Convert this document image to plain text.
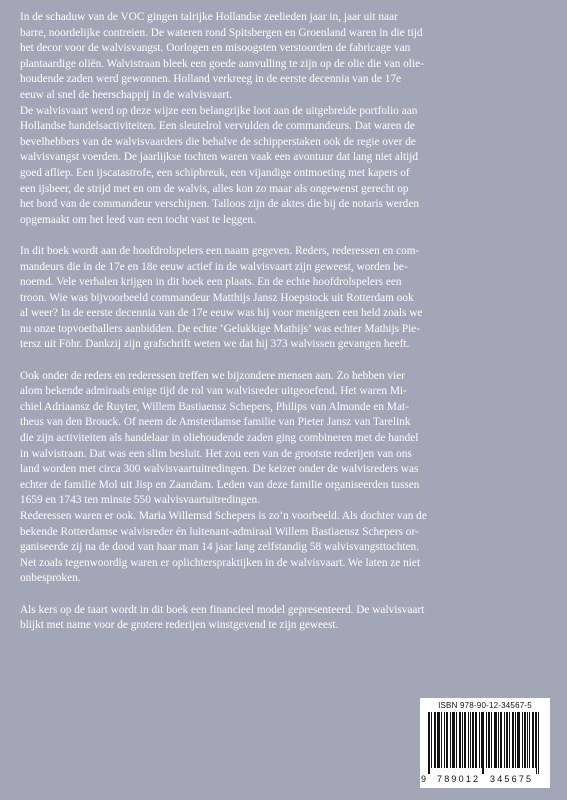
In de schaduw van de VOC gingen talrijke Hollandse zeelieden jaar in, jaar uit naar
barre, noordelijke contreien. De wateren rond Spitsbergen en Groenland waren in die tijd
het decor voor de walvisvangst. Oorlogen en misoogsten verstoorden de fabricage van
plantaardige oliën. Walvistraan bleek een goede aanvulling te zijn op de olie die van olie-
houdende zaden werd gewonnen. Holland verkreeg in de eerste decennia van de 17e
eeuw al snel de heerschappij in de walvisvaart.
De walvisvaart werd op deze wijze een belangrijke loot aan de uitgebreide portfolio aan
Hollandse handelsactiviteiten. Een sleutelrol vervulden de commandeurs. Dat waren de
bevelhebbers van de walvisvaarders die behalve de schipperstaken ook de regie over de
walvisvangst voerden. De jaarlijkse tochten waren vaak een avontuur dat lang niet altijd
goed afliep. Een ijscatastrofe, een schipbreuk, een vijandige ontmoeting met kapers of
een ijsbeer, de strijd met en om de walvis, alles kon zo maar als ongewenst gerecht op
het bord van de commandeur verschijnen. Talloos zijn de aktes die bij de notaris werden
opgemaakt om het leed van een tocht vast te leggen.
In dit boek wordt aan de hoofdrolspelers een naam gegeven. Reders, rederessen en com-
mandeurs die in de 17e en 18e eeuw actief in de walvisvaart zijn geweest, worden be-
noemd. Vele verhalen krijgen in dit boek een plaats. En de echte hoofdrolspelers een
troon. Wie was bijvoorbeeld commandeur Matthijs Jansz Hoepstock uit Rotterdam ook
al weer? In de eerste decennia van de 17e eeuw was hij voor menigeen een held zoals we
nu onze topvoetballers aanbidden. De echte ‘Gelukkige Mathijs’ was echter Mathijs Pie-
tersz uit Föhr. Dankzij zijn grafschrift weten we dat hij 373 walvissen gevangen heeft.
Ook onder de reders en rederessen treffen we bijzondere mensen aan. Zo hebben vier
alom bekende admiraals enige tijd de rol van walvisreder uitgeoefend. Het waren Mi-
chiel Adriaansz de Ruyter, Willem Bastiaensz Schepers, Philips van Almonde en Mat-
theus van den Brouck. Of neem de Amsterdamse familie van Pieter Jansz van Tarelink
die zijn activiteiten als handelaar in oliehoudende zaden ging combineren met de handel
in walvistraan. Dat was een slim besluit. Het zou een van de grootste rederijen van ons
land worden met circa 300 walvisvaartuitredingen. De keizer onder de walvisreders was
echter de familie Mol uit Jisp en Zaandam. Leden van deze familie organiseerden tussen
1659 en 1743 ten minste 550 walvisvaartuitredingen.
Rederessen waren er ook. Maria Willemsd Schepers is zo’n voorbeeld. Als dochter van de
bekende Rotterdamse walvisreder én luitenant-admiraal Willem Bastiaensz Schepers or-
ganiseerde zij na de dood van haar man 14 jaar lang zelfstandig 58 walvisvangsttochten.
Net zoals tegenwoordig waren er oplichterspraktijken in de walvisvaart. We laten ze niet
onbesproken.
Als kers op de taart wordt in dit boek een financieel model gepresenteerd. De walvisvaart
blijkt met name voor de grotere rederijen winstgevend te zijn geweest.
ISBN 978-90-12-34567-5
9 789012 345675
